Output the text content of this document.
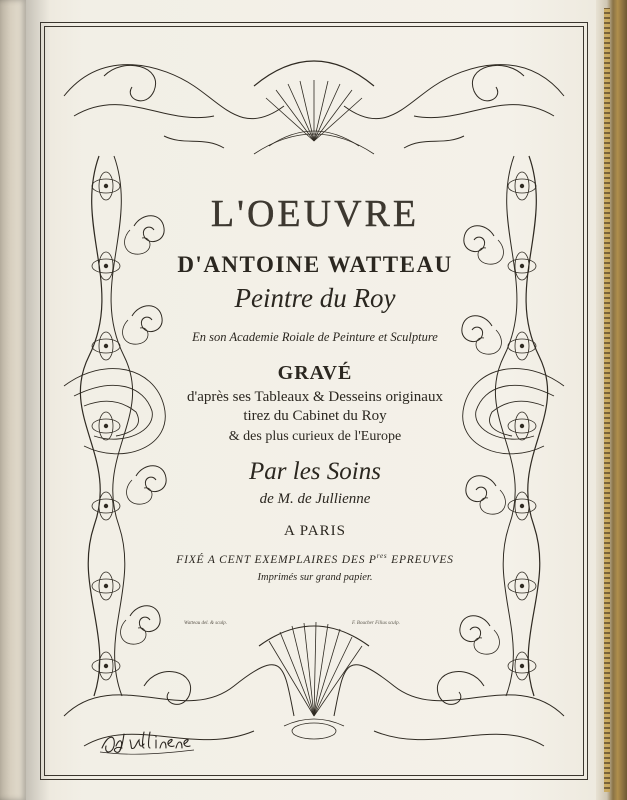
L'OEUVRE
D'ANTOINE WATTEAU
Peintre du Roy
En son Academie Roiale de Peinture et Sculpture
GRAVÉ
d'après ses Tableaux & Desseins originaux
tirez du Cabinet du Roy
& des plus curieux de l'Europe
Par les Soins
de M. de Jullienne
A PARIS
FIXÉ A CENT EXEMPLAIRES DES $P^{res}$ EPREUVES
Imprimés sur grand papier.
Watteau del. & sculp.	F. Boucher Filius sculp.
